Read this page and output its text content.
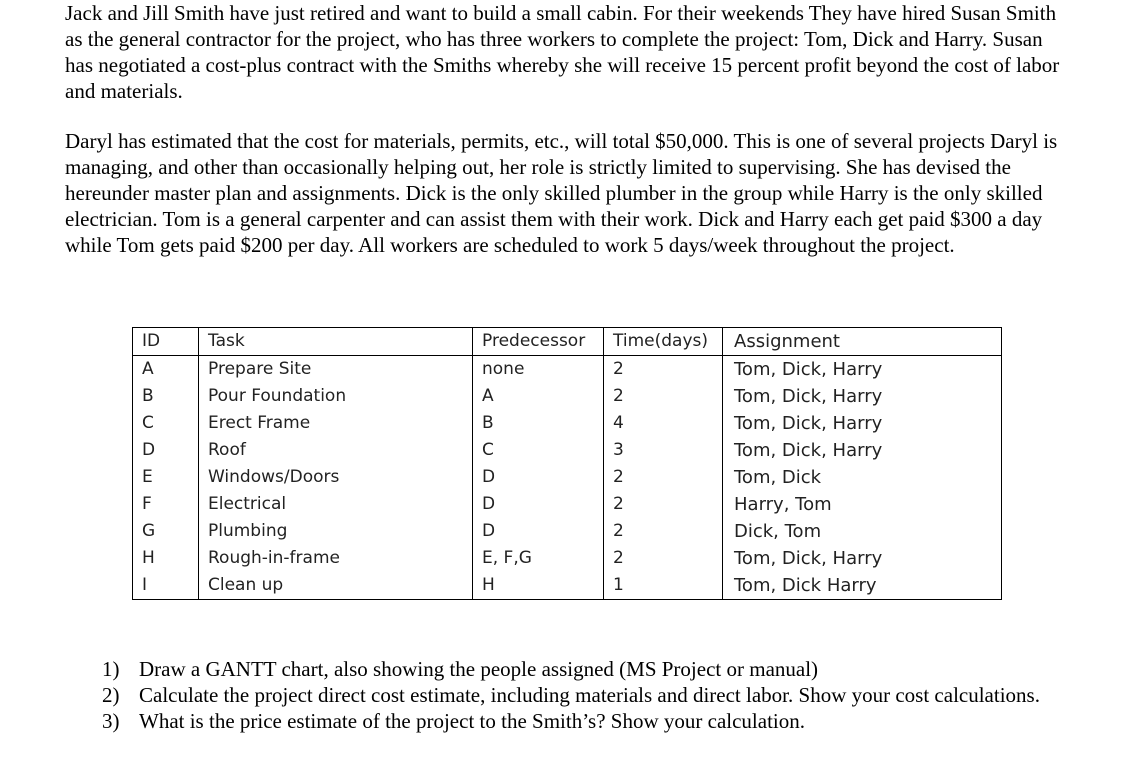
Jack and Jill Smith have just retired and want to build a small cabin. For their weekends They have hired Susan Smith as the general contractor for the project, who has three workers to complete the project: Tom, Dick and Harry. Susan has negotiated a cost-plus contract with the Smiths whereby she will receive 15 percent profit beyond the cost of labor and materials.

Daryl has estimated that the cost for materials, permits, etc., will total $50,000. This is one of several projects Daryl is managing, and other than occasionally helping out, her role is strictly limited to supervising. She has devised the hereunder master plan and assignments. Dick is the only skilled plumber in the group while Harry is the only skilled electrician. Tom is a general carpenter and can assist them with their work. Dick and Harry each get paid $300 a day while Tom gets paid $200 per day. All workers are scheduled to work 5 days/week throughout the project.

ID	Task	Predecessor	Time(days)	Assignment
A	Prepare Site	none	2	Tom, Dick, Harry
B	Pour Foundation	A	2	Tom, Dick, Harry
C	Erect Frame	B	4	Tom, Dick, Harry
D	Roof	C	3	Tom, Dick, Harry
E	Windows/Doors	D	2	Tom, Dick
F	Electrical	D	2	Harry, Tom
G	Plumbing	D	2	Dick, Tom
H	Rough-in-frame	E, F,G	2	Tom, Dick, Harry
I	Clean up	H	1	Tom, Dick Harry
1) Draw a GANTT chart, also showing the people assigned (MS Project or manual)
2) Calculate the project direct cost estimate, including materials and direct labor. Show your cost calculations.
3) What is the price estimate of the project to the Smith’s? Show your calculation.
